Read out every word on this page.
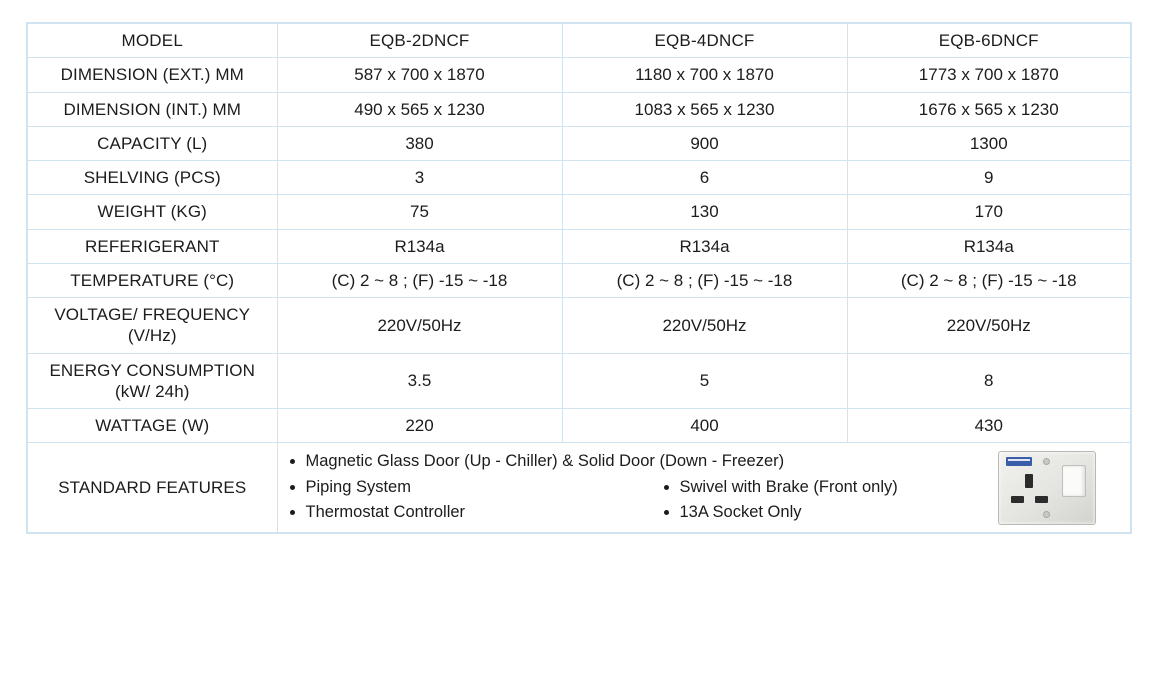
MODEL	EQB-2DNCF	EQB-4DNCF	EQB-6DNCF
DIMENSION (EXT.) MM	587 x 700 x 1870	1180 x 700 x 1870	1773 x 700 x 1870
DIMENSION (INT.) MM	490 x 565 x 1230	1083 x 565 x 1230	1676 x 565 x 1230
CAPACITY (L)	380	900	1300
SHELVING (PCS)	3	6	9
WEIGHT (KG)	75	130	170
REFERIGERANT	R134a	R134a	R134a
TEMPERATURE (°C)	(C) 2 ~ 8 ; (F) -15 ~ -18	(C) 2 ~ 8 ; (F) -15 ~ -18	(C) 2 ~ 8 ; (F) -15 ~ -18

VOLTAGE/ FREQUENCY
(V/Hz)	220V/50Hz	220V/50Hz	220V/50Hz

ENERGY CONSUMPTION
(kW/ 24h)	3.5	5	8
WATTAGE (W)	220	400	430
STANDARD FEATURES	
• Magnetic Glass Door (Up - Chiller) & Solid Door (Down - Freezer)
• Piping System
• Thermostat Controller
• Swivel with Brake (Front only)
• 13A Socket Only
